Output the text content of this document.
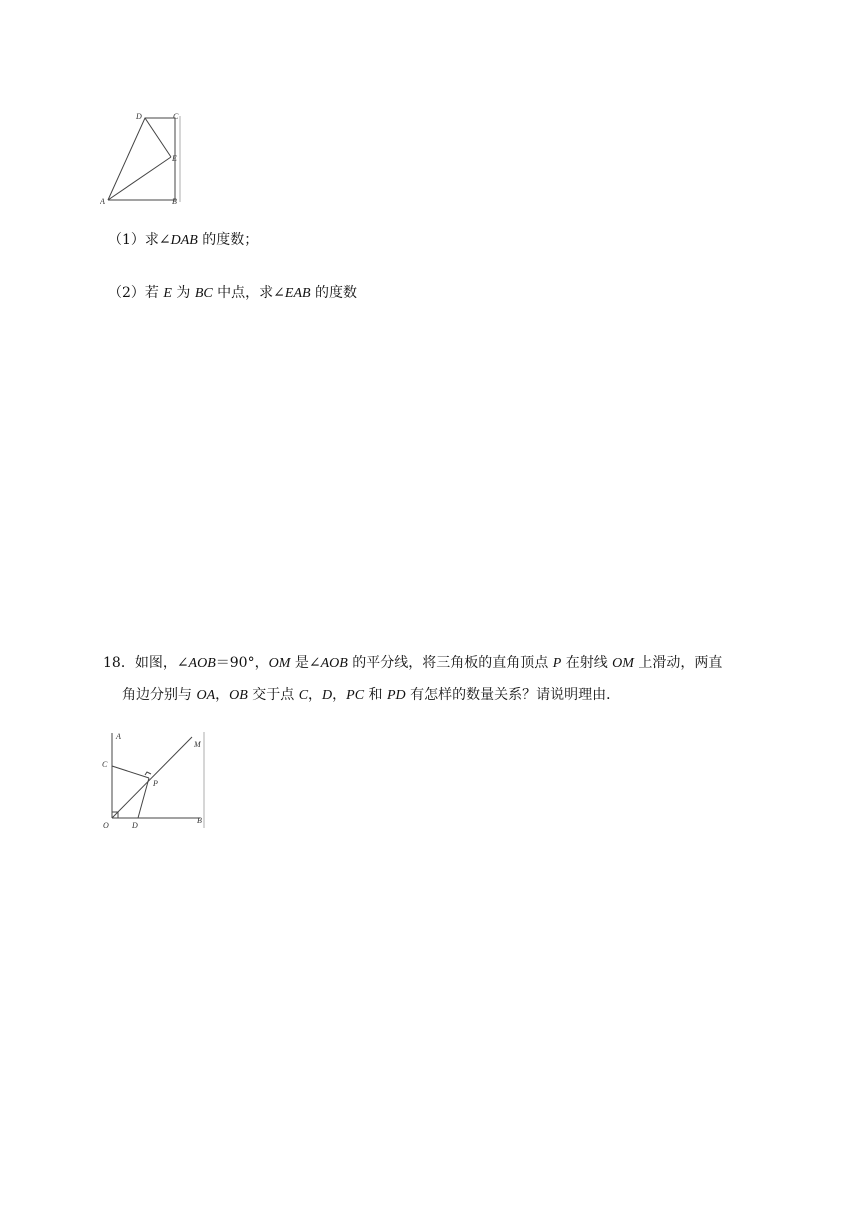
D	C
E
A	B
（1）求∠DAB 的度数；
（2）若 E 为 BC 中点，求∠EAB 的度数
18．如图，∠AOB＝90°，OM 是∠AOB 的平分线，将三角板的直角顶点 P 在射线 OM 上滑动，两直
角边分别与 OA，OB 交于点 C，D，PC 和 PD 有怎样的数量关系？请说明理由．
A
M
C
P
O	D
B
